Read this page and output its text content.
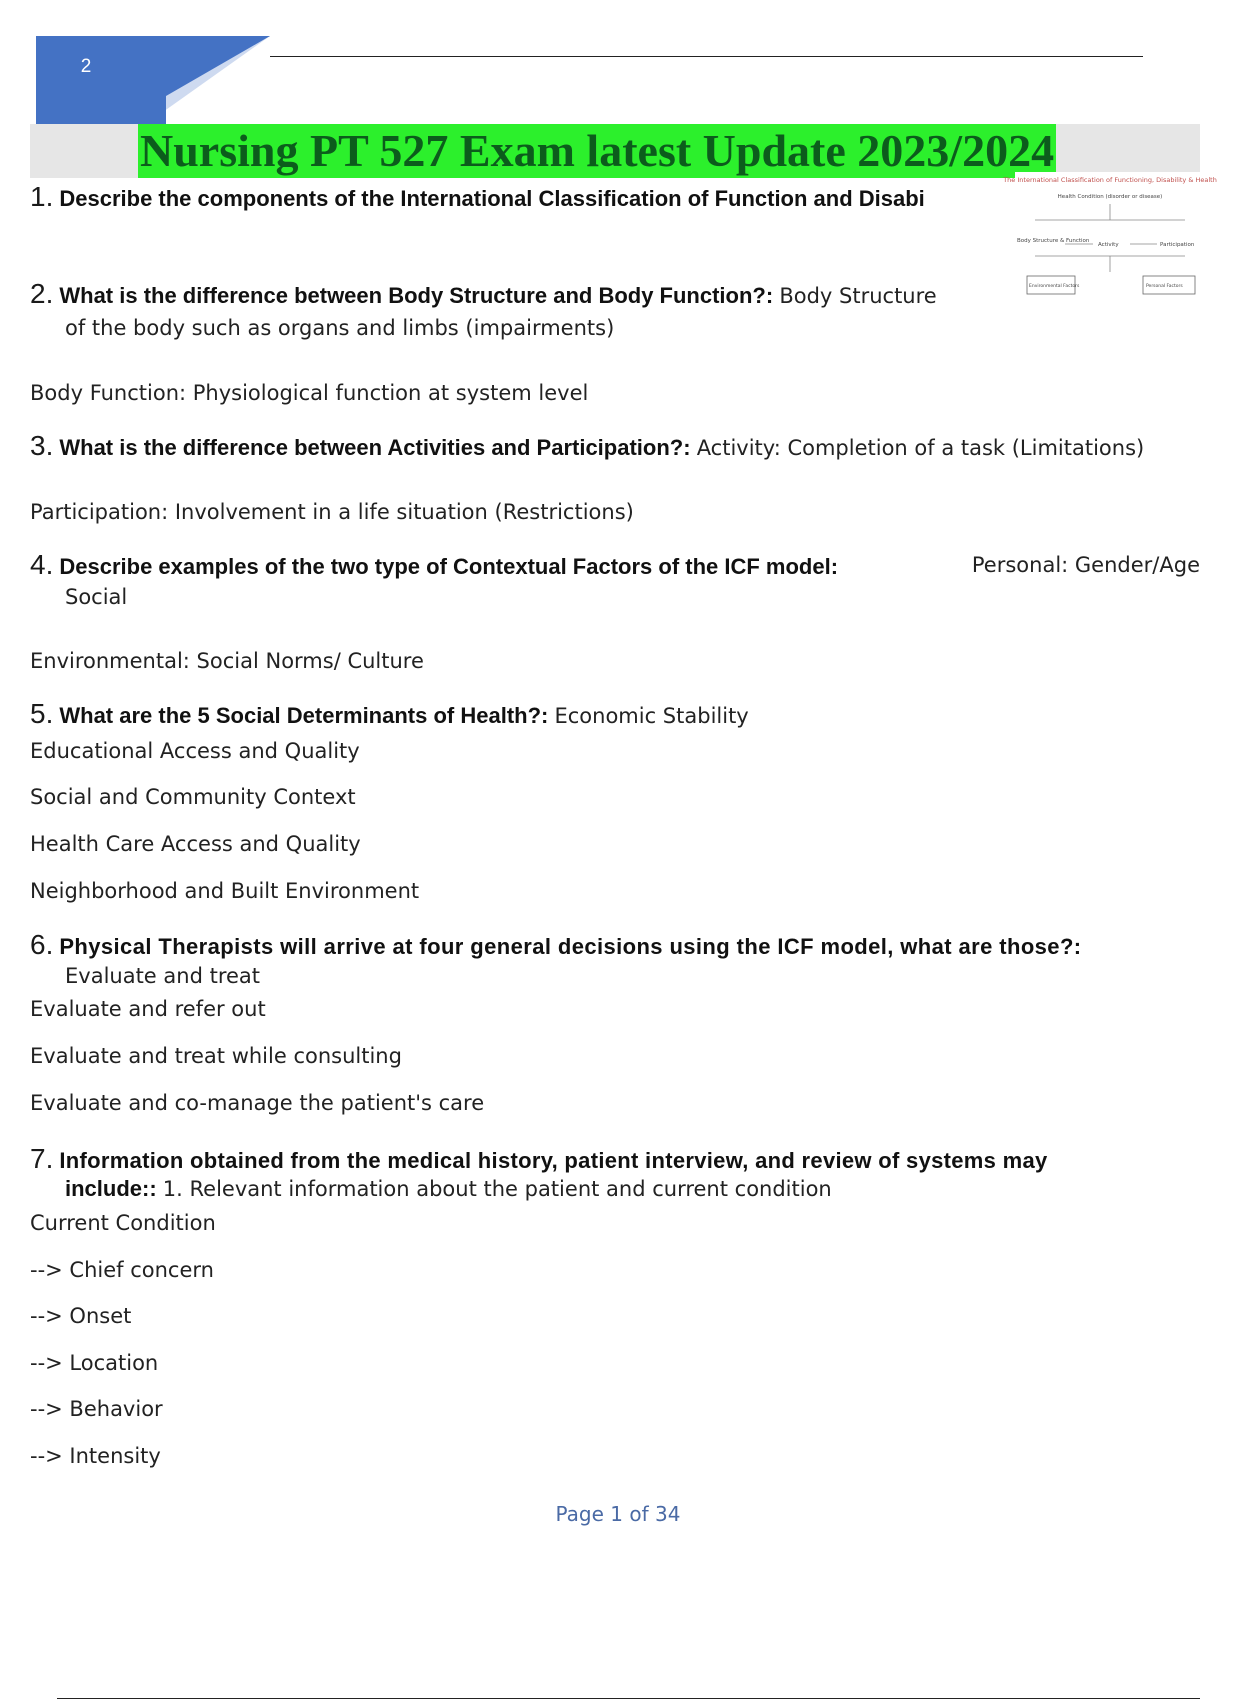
2
Nursing PT 527 Exam latest Update 2023/2024
The International Classification of Functioning, Disability & Health
Health Condition (disorder or disease)
Body Structure & Function
Activity	Participation
Environmental Factors	Personal Factors
1. Describe the components of the International Classification of Function and Disabi
2. What is the difference between Body Structure and Body Function?: Body Structure
of the body such as organs and limbs (impairments)
Body Function: Physiological function at system level
3. What is the difference between Activities and Participation?: Activity: Completion of a task (Limitations)
Participation: Involvement in a life situation (Restrictions)
4. Describe examples of the two type of Contextual Factors of the ICF model:	Personal: Gender/Age
Social
Environmental: Social Norms/ Culture
5. What are the 5 Social Determinants of Health?: Economic Stability
Educational Access and Quality
Social and Community Context
Health Care Access and Quality
Neighborhood and Built Environment
6. Physical Therapists will arrive at four general decisions using the ICF model, what are those?:
Evaluate and treat
Evaluate and refer out
Evaluate and treat while consulting
Evaluate and co-manage the patient's care
7. Information obtained from the medical history, patient interview, and review of systems may
include:: 1. Relevant information about the patient and current condition
Current Condition
--> Chief concern
--> Onset
--> Location
--> Behavior
--> Intensity
Page 1 of 34
